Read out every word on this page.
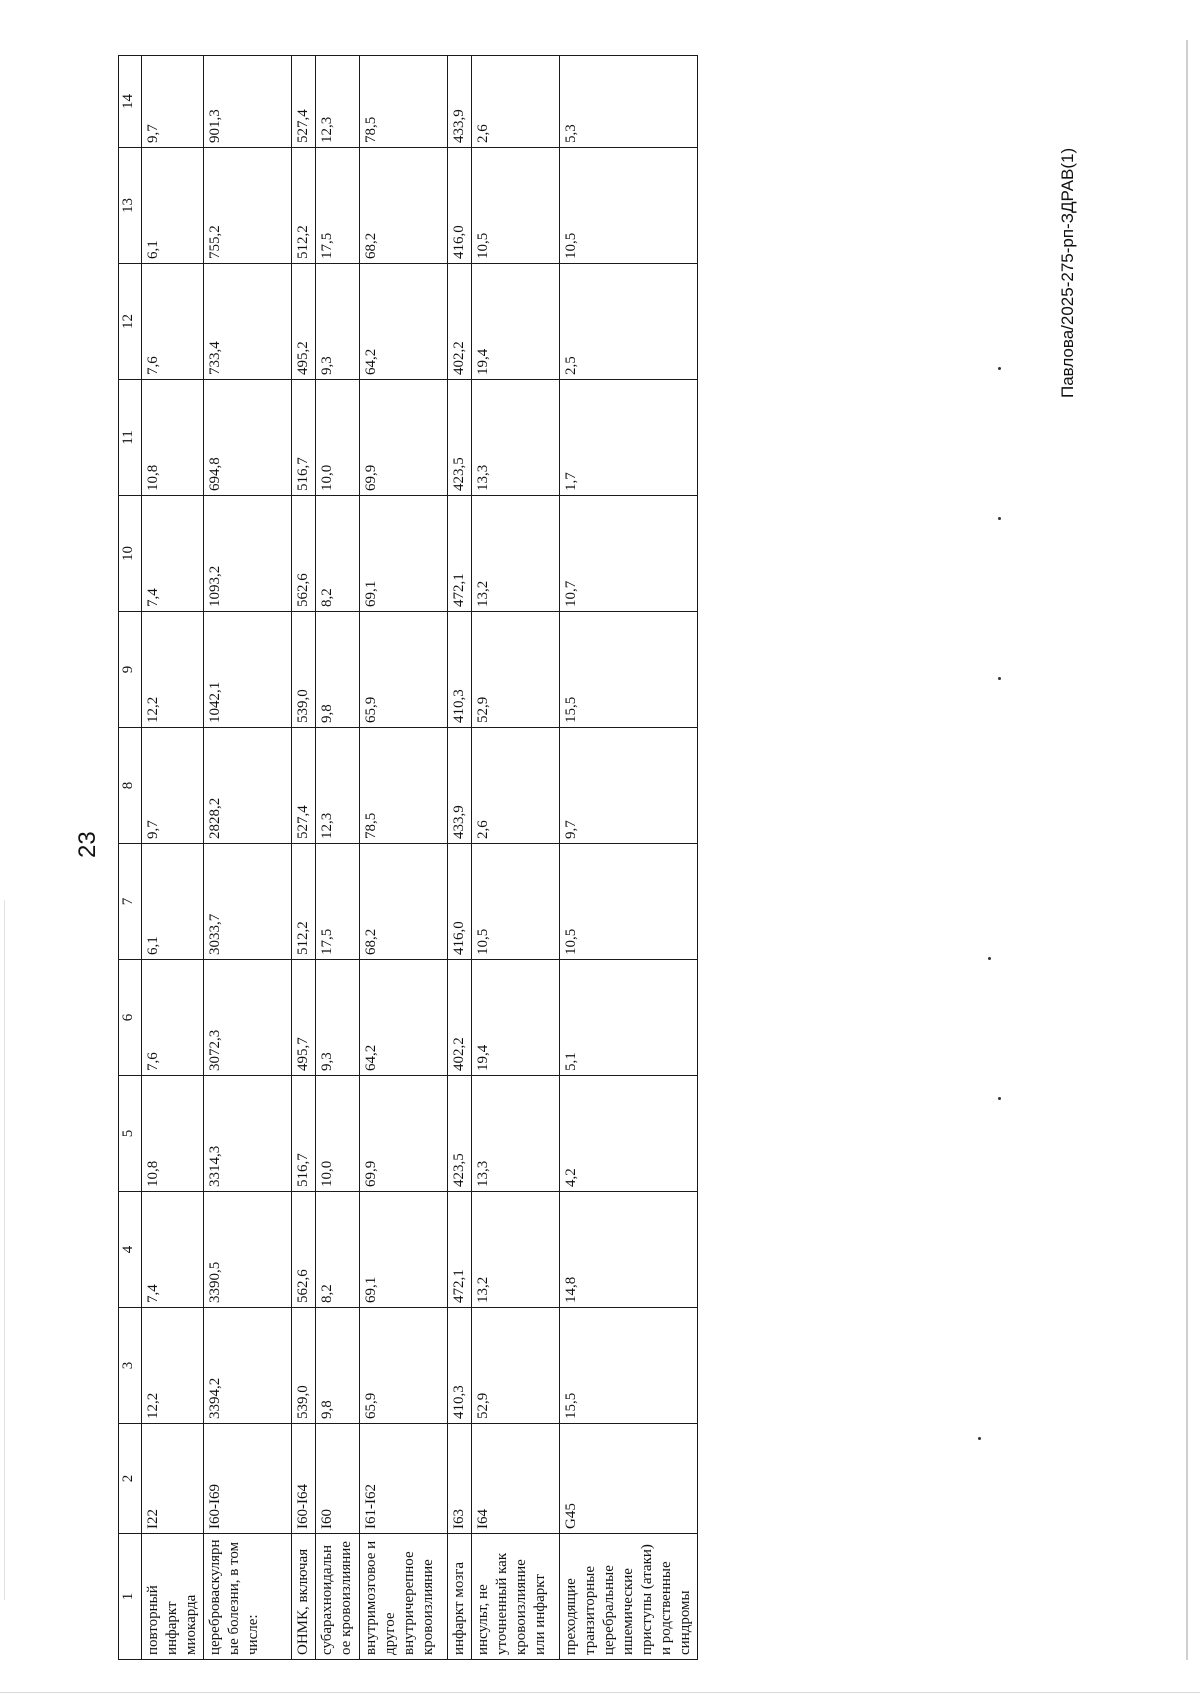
23
Павлова/2025-275-рп-ЗДРАВ(1)
1	2	3	4	5	6	7	8	9	10	11	12	13	14

повторный инфаркт миокарда	I22	12,2	7,4	10,8	7,6	6,1	9,7	12,2	7,4	10,8	7,6	6,1	9,7

цереброваскулярные болезни, в том числе:	I60-I69	3394,2	3390,5	3314,3	3072,3	3033,7	2828,2	1042,1	1093,2	694,8	733,4	755,2	901,3

ОНМК, включая	I60-I64	539,0	562,6	516,7	495,7	512,2	527,4	539,0	562,6	516,7	495,2	512,2	527,4

субарахноидальное кровоизлияние	I60	9,8	8,2	10,0	9,3	17,5	12,3	9,8	8,2	10,0	9,3	17,5	12,3

внутримозговое и другое внутричерепное кровоизлияние	I61-I62	65,9	69,1	69,9	64,2	68,2	78,5	65,9	69,1	69,9	64,2	68,2	78,5

инфаркт мозга	I63	410,3	472,1	423,5	402,2	416,0	433,9	410,3	472,1	423,5	402,2	416,0	433,9

инсульт, не уточненный как кровоизлияние или инфаркт	I64	52,9	13,2	13,3	19,4	10,5	2,6	52,9	13,2	13,3	19,4	10,5	2,6

преходящие транзиторные церебральные ишемические приступы (атаки) и родственные синдромы	G45	15,5	14,8	4,2	5,1	10,5	9,7	15,5	10,7	1,7	2,5	10,5	5,3
